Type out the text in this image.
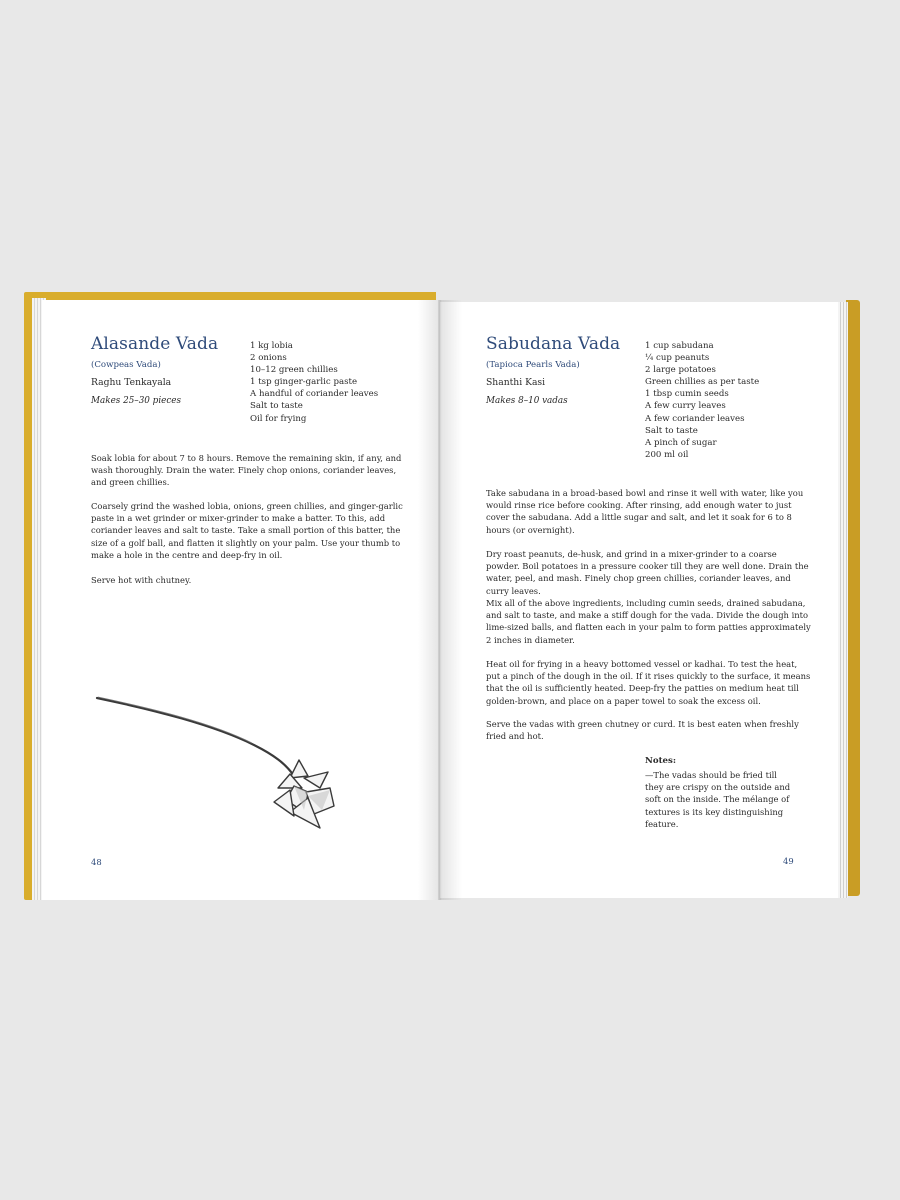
Alasande Vada
(Cowpeas Vada)
Raghu Tenkayala
Makes 25–30 pieces
1 kg lobia
2 onions
10–12 green chillies
1 tsp ginger-garlic paste
A handful of coriander leaves
Salt to taste
Oil for frying

Soak lobia for about 7 to 8 hours. Remove the remaining skin, if any, and wash thoroughly. Drain the water. Finely chop onions, coriander leaves, and green chillies.

Coarsely grind the washed lobia, onions, green chillies, and ginger-garlic paste in a wet grinder or mixer-grinder to make a batter. To this, add coriander leaves and salt to taste. Take a small portion of this batter, the size of a golf ball, and flatten it slightly on your palm. Use your thumb to make a hole in the centre and deep-fry in oil.

Serve hot with chutney.

48
Sabudana Vada
(Tapioca Pearls Vada)
Shanthi Kasi
Makes 8–10 vadas
1 cup sabudana
¼ cup peanuts
2 large potatoes
Green chillies as per taste
1 tbsp cumin seeds
A few curry leaves
A few coriander leaves
Salt to taste
A pinch of sugar
200 ml oil

Take sabudana in a broad-based bowl and rinse it well with water, like you would rinse rice before cooking. After rinsing, add enough water to just cover the sabudana. Add a little sugar and salt, and let it soak for 6 to 8 hours (or overnight).

Dry roast peanuts, de-husk, and grind in a mixer-grinder to a coarse powder. Boil potatoes in a pressure cooker till they are well done. Drain the water, peel, and mash. Finely chop green chillies, coriander leaves, and curry leaves.

Mix all of the above ingredients, including cumin seeds, drained sabudana, and salt to taste, and make a stiff dough for the vada. Divide the dough into lime-sized balls, and flatten each in your palm to form patties approximately 2 inches in diameter.

Heat oil for frying in a heavy bottomed vessel or kadhai. To test the heat, put a pinch of the dough in the oil. If it rises quickly to the surface, it means that the oil is sufficiently heated. Deep-fry the patties on medium heat till golden-brown, and place on a paper towel to soak the excess oil.

Serve the vadas with green chutney or curd. It is best eaten when freshly fried and hot.

Notes:

—The vadas should be fried till they are crispy on the outside and soft on the inside. The mélange of textures is its key distinguishing feature.

49
